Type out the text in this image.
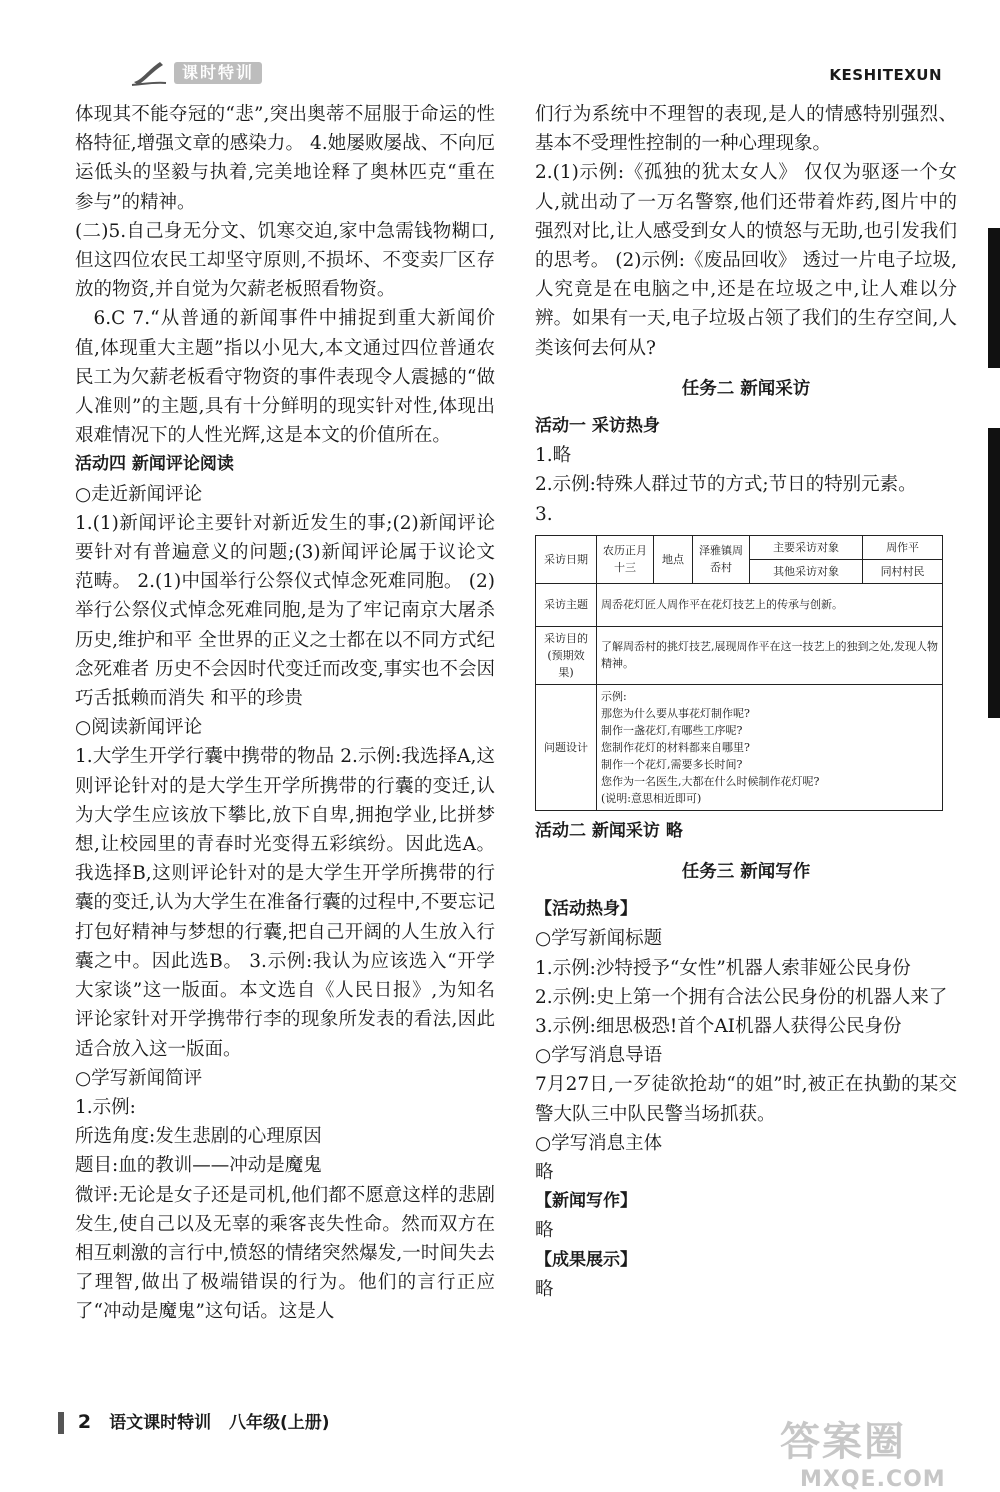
课时特训	KESHITEXUN

体现其不能夺冠的“悲”,突出奥蒂不屈服于命运的性格特征,增强文章的感染力。 4.她屡败屡战、不向厄运低头的坚毅与执着,完美地诠释了奥林匹克“重在参与”的精神。

(二)5.自己身无分文、饥寒交迫,家中急需钱物糊口,但这四位农民工却坚守原则,不损坏、不变卖厂区存放的物资,并自觉为欠薪老板照看物资。

6.C 7.“从普通的新闻事件中捕捉到重大新闻价值,体现重大主题”指以小见大,本文通过四位普通农民工为欠薪老板看守物资的事件表现令人震撼的“做人准则”的主题,具有十分鲜明的现实针对性,体现出艰难情况下的人性光辉,这是本文的价值所在。

活动四 新闻评论阅读

○走近新闻评论

1.(1)新闻评论主要针对新近发生的事;(2)新闻评论要针对有普遍意义的问题;(3)新闻评论属于议论文范畴。 2.(1)中国举行公祭仪式悼念死难同胞。 (2)举行公祭仪式悼念死难同胞,是为了牢记南京大屠杀历史,维护和平 全世界的正义之士都在以不同方式纪念死难者 历史不会因时代变迁而改变,事实也不会因巧舌抵赖而消失 和平的珍贵

○阅读新闻评论

1.大学生开学行囊中携带的物品 2.示例:我选择A,这则评论针对的是大学生开学所携带的行囊的变迁,认为大学生应该放下攀比,放下自卑,拥抱学业,比拼梦想,让校园里的青春时光变得五彩缤纷。因此选A。 我选择B,这则评论针对的是大学生开学所携带的行囊的变迁,认为大学生在准备行囊的过程中,不要忘记打包好精神与梦想的行囊,把自己开阔的人生放入行囊之中。因此选B。 3.示例:我认为应该选入“开学大家谈”这一版面。本文选自《人民日报》,为知名评论家针对开学携带行李的现象所发表的看法,因此适合放入这一版面。

○学写新闻简评

1.示例:

所选角度:发生悲剧的心理原因

题目:血的教训——冲动是魔鬼

微评:无论是女子还是司机,他们都不愿意这样的悲剧发生,使自己以及无辜的乘客丧失性命。然而双方在相互刺激的言行中,愤怒的情绪突然爆发,一时间失去了理智,做出了极端错误的行为。他们的言行正应了“冲动是魔鬼”这句话。这是人

们行为系统中不理智的表现,是人的情感特别强烈、基本不受理性控制的一种心理现象。

2.(1)示例:《孤独的犹太女人》 仅仅为驱逐一个女人,就出动了一万名警察,他们还带着炸药,图片中的强烈对比,让人感受到女人的愤怒与无助,也引发我们的思考。 (2)示例:《废品回收》 透过一片电子垃圾,人究竟是在电脑之中,还是在垃圾之中,让人难以分辨。如果有一天,电子垃圾占领了我们的生存空间,人类该何去何从?

任务二 新闻采访

活动一 采访热身

1.略

2.示例:特殊人群过节的方式;节日的特别元素。

3.

采访日期	农历正月十三	地点	泽雅镇周岙村	
主要采访对象	周作平
其他采访对象	同村村民

采访主题	周岙花灯匠人周作平在花灯技艺上的传承与创新。
采访目的(预期效果)	了解周岙村的挑灯技艺,展现周作平在这一技艺上的独到之处,发现人物精神。
问题设计	
示例:
那您为什么要从事花灯制作呢?
制作一盏花灯,有哪些工序呢?
您制作花灯的材料都来自哪里?
制作一个花灯,需要多长时间?
您作为一名医生,大都在什么时候制作花灯呢?
(说明:意思相近即可)

活动二 新闻采访 略

任务三 新闻写作

【活动热身】

○学写新闻标题

1.示例:沙特授予“女性”机器人索菲娅公民身份

2.示例:史上第一个拥有合法公民身份的机器人来了

3.示例:细思极恐!首个AI机器人获得公民身份

○学写消息导语

7月27日,一歹徒欲抢劫“的姐”时,被正在执勤的某交警大队三中队民警当场抓获。

○学写消息主体

略

【新闻写作】

略

【成果展示】

略

2 语文课时特训 八年级(上册)	答案圈
MXQE.COM
